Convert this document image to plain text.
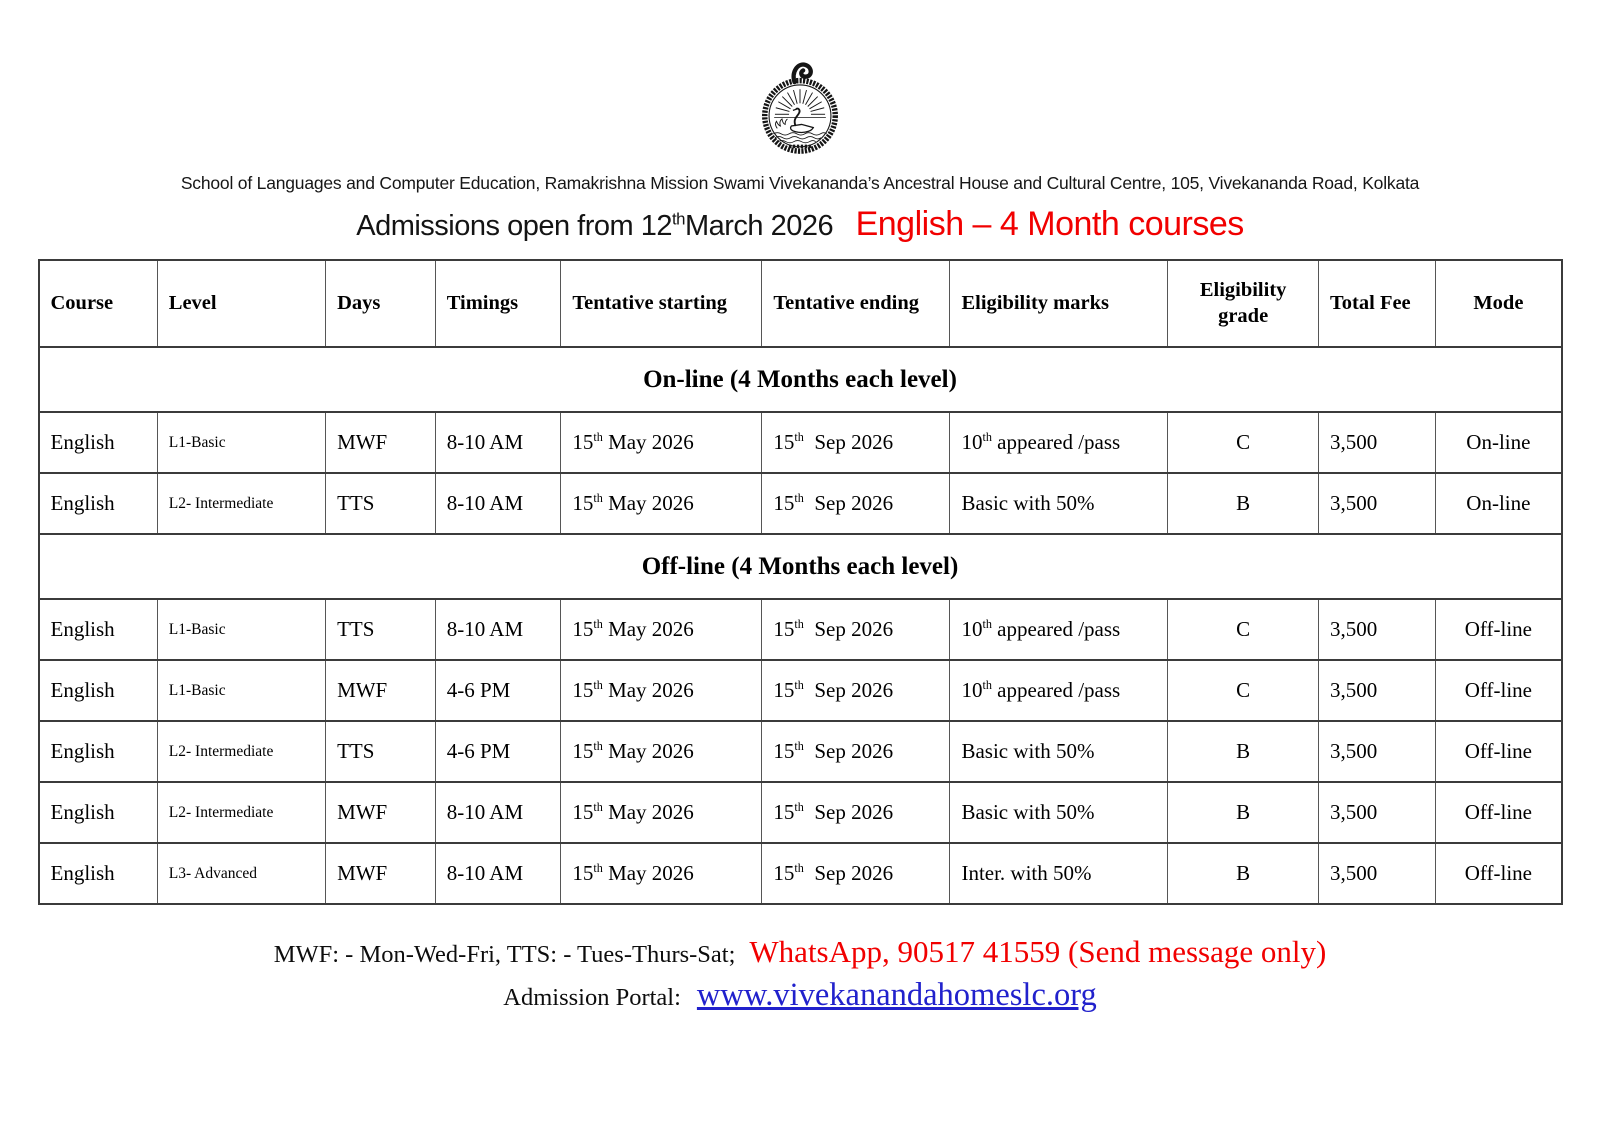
School of Languages and Computer Education, Ramakrishna Mission Swami Vivekananda’s Ancestral House and Cultural Centre, 105, Vivekananda Road, Kolkata
Admissions open from 12thMarch 2026 English – 4 Month courses
Course	Level	Days	Timings	Tentative starting	Tentative ending	Eligibility marks	Eligibility grade	Total Fee	Mode
On-line (4 Months each level)									
English	L1-Basic	MWF	8-10 AM	15th May 2026	15th  Sep 2026	10th appeared /pass	C	3,500	On-line
English	L2- Intermediate	TTS	8-10 AM	15th May 2026	15th  Sep 2026	Basic with 50%	B	3,500	On-line
Off-line (4 Months each level)									
English	L1-Basic	TTS	8-10 AM	15th May 2026	15th  Sep 2026	10th appeared /pass	C	3,500	Off-line
English	L1-Basic	MWF	4-6 PM	15th May 2026	15th  Sep 2026	10th appeared /pass	C	3,500	Off-line
English	L2- Intermediate	TTS	4-6 PM	15th May 2026	15th  Sep 2026	Basic with 50%	B	3,500	Off-line
English	L2- Intermediate	MWF	8-10 AM	15th May 2026	15th  Sep 2026	Basic with 50%	B	3,500	Off-line
English	L3- Advanced	MWF	8-10 AM	15th May 2026	15th  Sep 2026	Inter. with 50%	B	3,500	Off-line
MWF: - Mon-Wed-Fri, TTS: - Tues-Thurs-Sat; WhatsApp, 90517 41559 (Send message only)
Admission Portal: www.vivekanandahomeslc.org
